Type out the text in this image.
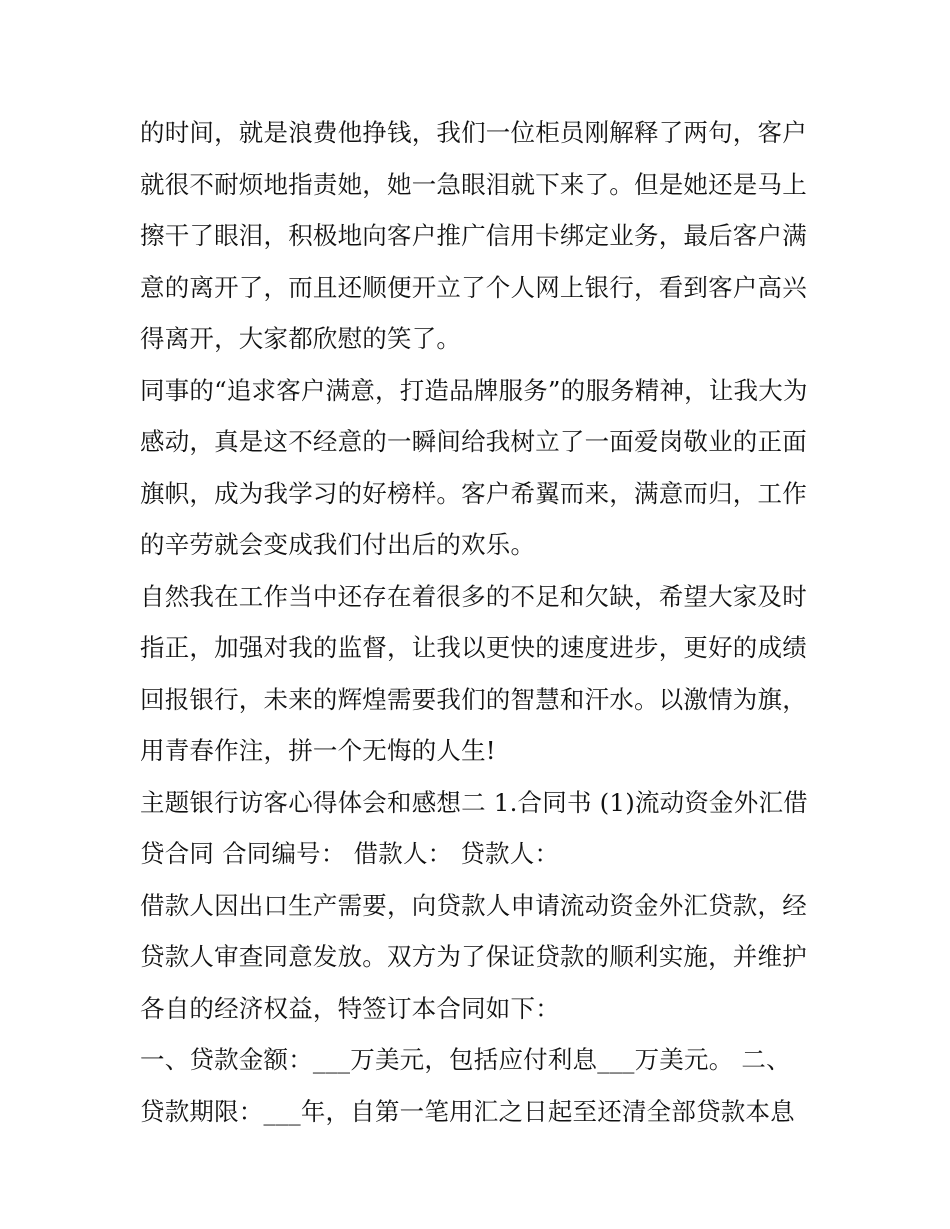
的时间，就是浪费他挣钱，我们一位柜员刚解释了两句，客户
就很不耐烦地指责她，她一急眼泪就下来了。但是她还是马上
擦干了眼泪，积极地向客户推广信用卡绑定业务，最后客户满
意的离开了，而且还顺便开立了个人网上银行，看到客户高兴
得离开，大家都欣慰的笑了。
同事的“追求客户满意，打造品牌服务”的服务精神，让我大为
感动，真是这不经意的一瞬间给我树立了一面爱岗敬业的正面
旗帜，成为我学习的好榜样。客户希翼而来，满意而归，工作
的辛劳就会变成我们付出后的欢乐。
自然我在工作当中还存在着很多的不足和欠缺，希望大家及时
指正，加强对我的监督，让我以更快的速度进步，更好的成绩
回报银行，未来的辉煌需要我们的智慧和汗水。以激情为旗，
用青春作注，拼一个无悔的人生!
主题银行访客心得体会和感想二 1.合同书 (1)流动资金外汇借
贷合同 合同编号： 借款人： 贷款人：
借款人因出口生产需要，向贷款人申请流动资金外汇贷款，经
贷款人审查同意发放。双方为了保证贷款的顺利实施，并维护
各自的经济权益，特签订本合同如下：
一、贷款金额：___万美元，包括应付利息___万美元。 二、
贷款期限：___年，自第一笔用汇之日起至还清全部贷款本息
